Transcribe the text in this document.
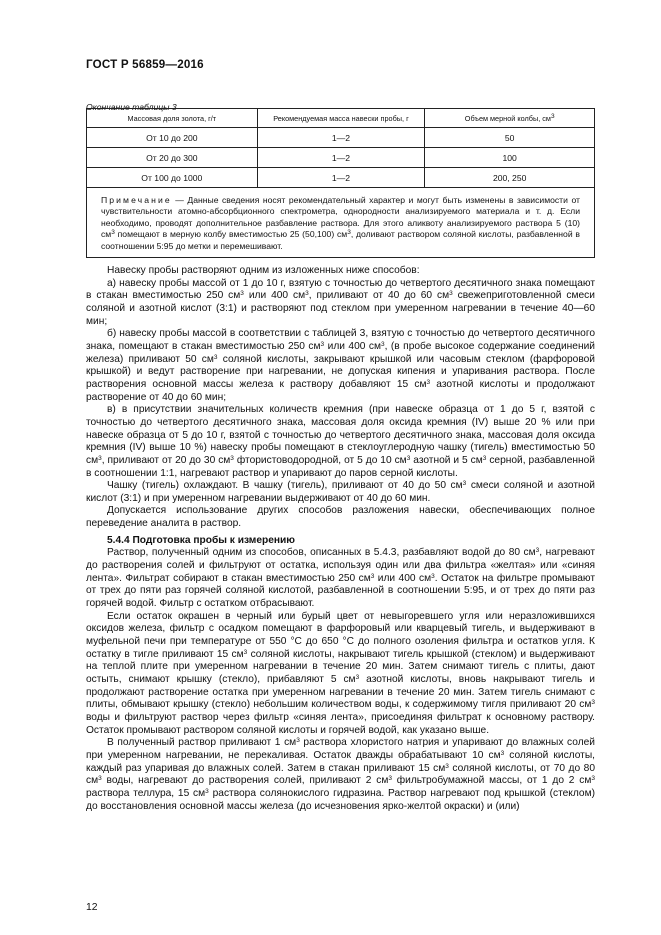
ГОСТ Р 56859—2016
Окончание таблицы 3
Массовая доля золота, г/т	Рекомендуемая масса навески пробы, г	Объем мерной колбы, $см^3$
От 10 до 200	1—2	50
От 20 до 300	1—2	100
От 100 до 1000	1—2	200, 250
Примечание — Данные сведения носят рекомендательный характер и могут быть изменены в зависимости от чувствительности атомно-абсорбционного спектрометра, однородности анализируемого материала и т. д. Если необходимо, проводят дополнительное разбавление раствора. Для этого аликвоту анализируемого раствора 5 (10) $см^3$ помещают в мерную колбу вместимостью 25 (50,100) $см^3$, доливают раствором соляной кислоты, разбавленной в соотношении 5:95 до метки и перемешивают.		

Навеску пробы растворяют одним из изложенных ниже способов:

а) навеску пробы массой от 1 до 10 г, взятую с точностью до четвертого десятичного знака помещают в стакан вместимостью 250 $см^3$ или 400 $см^3$, приливают от 40 до 60 $см^3$ свежеприготовленной смеси соляной и азотной кислот (3:1) и растворяют под стеклом при умеренном нагревании в течение 40—60 мин;

б) навеску пробы массой в соответствии с таблицей 3, взятую с точностью до четвертого десятичного знака, помещают в стакан вместимостью 250 $см^3$ или 400 $см^3$, (в пробе высокое содержание соединений железа) приливают 50 $см^3$ соляной кислоты, закрывают крышкой или часовым стеклом (фарфоровой крышкой) и ведут растворение при нагревании, не допуская кипения и упаривания раствора. После растворения основной массы железа к раствору добавляют 15 $см^3$ азотной кислоты и продолжают растворение от 40 до 60 мин;

в) в присутствии значительных количеств кремния (при навеске образца от 1 до 5 г, взятой с точностью до четвертого десятичного знака, массовая доля оксида кремния (IV) выше 20 % или при навеске образца от 5 до 10 г, взятой с точностью до четвертого десятичного знака, массовая доля оксида кремния (IV) выше 10 %) навеску пробы помещают в стеклоуглеродную чашку (тигель) вместимостью 50 $см^3$, приливают от 20 до 30 $см^3$ фтористоводородной, от 5 до 10 $см^3$ азотной и 5 $см^3$ серной, разбавленной в соотношении 1:1, нагревают раствор и упаривают до паров серной кислоты.

Чашку (тигель) охлаждают. В чашку (тигель), приливают от 40 до 50 $см^3$ смеси соляной и азотной кислот (3:1) и при умеренном нагревании выдерживают от 40 до 60 мин.

Допускается использование других способов разложения навески, обеспечивающих полное переведение аналита в раствор.

5.4.4 Подготовка пробы к измерению

Раствор, полученный одним из способов, описанных в 5.4.3, разбавляют водой до 80 $см^3$, нагревают до растворения солей и фильтруют от остатка, используя один или два фильтра «желтая» или «синяя лента». Фильтрат собирают в стакан вместимостью 250 $см^3$ или 400 $см^3$. Остаток на фильтре промывают от трех до пяти раз горячей соляной кислотой, разбавленной в соотношении 5:95, и от трех до пяти раз горячей водой. Фильтр с остатком отбрасывают.

Если остаток окрашен в черный или бурый цвет от невыгоревшего угля или неразложившихся оксидов железа, фильтр с осадком помещают в фарфоровый или кварцевый тигель, и выдерживают в муфельной печи при температуре от 550 °С до 650 °С до полного озоления фильтра и остатков угля. К остатку в тигле приливают 15 $см^3$ соляной кислоты, накрывают тигель крышкой (стеклом) и выдерживают на теплой плите при умеренном нагревании в течение 20 мин. Затем снимают тигель с плиты, дают остыть, снимают крышку (стекло), прибавляют 5 $см^3$ азотной кислоты, вновь накрывают тигель и продолжают растворение остатка при умеренном нагревании в течение 20 мин. Затем тигель снимают с плиты, обмывают крышку (стекло) небольшим количеством воды, к содержимому тигля приливают 20 $см^3$ воды и фильтруют раствор через фильтр «синяя лента», присоединяя фильтрат к основному раствору. Остаток промывают раствором соляной кислоты и горячей водой, как указано выше.

В полученный раствор приливают 1 $см^3$ раствора хлористого натрия и упаривают до влажных солей при умеренном нагревании, не перекаливая. Остаток дважды обрабатывают 10 $см^3$ соляной кислоты, каждый раз упаривая до влажных солей. Затем в стакан приливают 15 $см^3$ соляной кислоты, от 70 до 80 $см^3$ воды, нагревают до растворения солей, приливают 2 $см^3$ фильтробумажной массы, от 1 до 2 $см^3$ раствора теллура, 15 $см^3$ раствора солянокислого гидразина. Раствор нагревают под крышкой (стеклом) до восстановления основной массы железа (до исчезновения ярко-желтой окраски) и (или)

12
